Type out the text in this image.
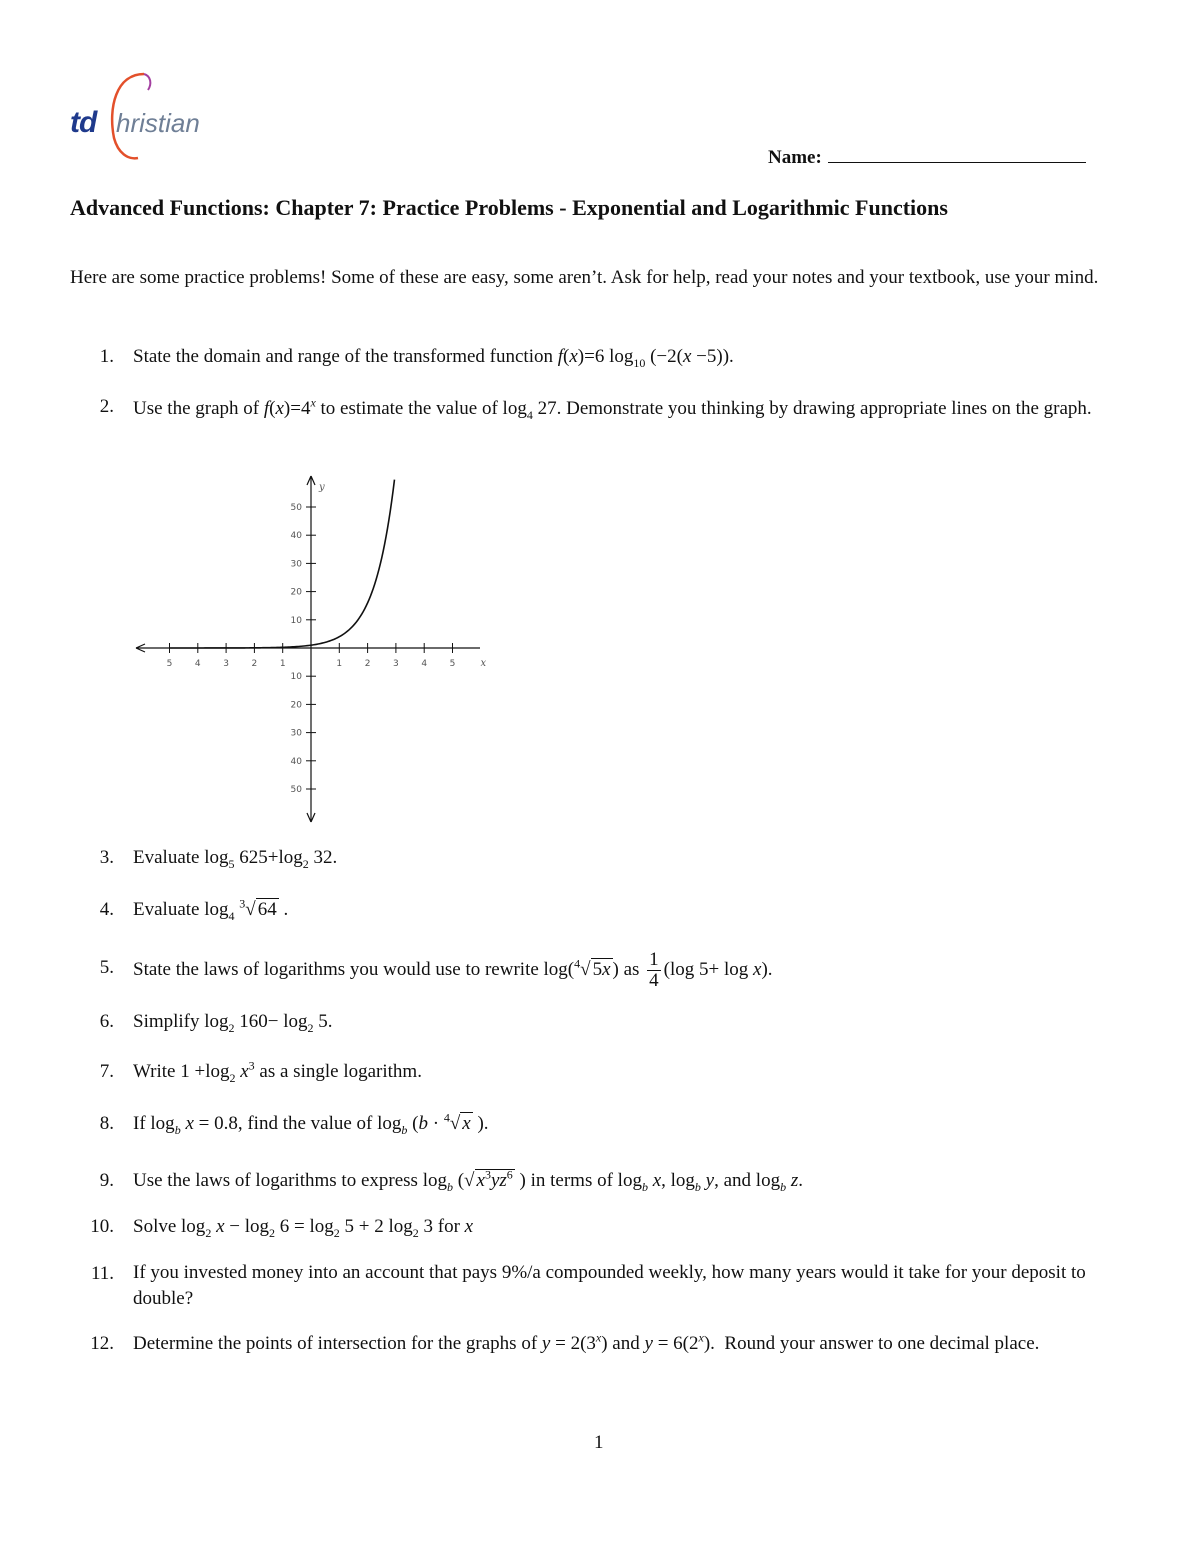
td hristian
Name:
Advanced Functions: Chapter 7: Practice Problems - Exponential and Logarithmic Functions

Here are some practice problems! Some of these are easy, some aren’t. Ask for help, read your notes and your textbook, use your mind.

1. State the domain and range of the transformed function f(x)=6 $\log_{10} (-2(x -5))$.
2. Use the graph of $f(x)=4^x$ to estimate the value of $\log_4 27$. Demonstrate you thinking by drawing appropriate lines on the graph.
5	4	3	2	1	1	2	3	4	5
50
40
30
20
10
10
20
30
40
50
x
y
3. Evaluate $\log_5 625+\log_2$ 32.
4. Evaluate $\log_4 ^3√$ 64 .
5. State the laws of logarithms you would use to rewrite log($^4$√ 5x ) as $\frac{1}{4} (\log$ 5+ log x).
6. Simplify $\log_2 160- \log_2 5$.
7. Write $1 +\log_2$ $x^3$ as a single logarithm.
8. If $\log_b x = 0.8$, find the value of $\log_b (b \cdot ^4√$ x ).
9. Use the laws of logarithms to express $\log_b$ (√ $x^3yz^6$ ) in terms of $\log_b x$, $\log_b y$, and $\log_b z$.
10. Solve $\log_2 x - \log_2 6 = \log_2 5 + 2$ $\log_2 3$ for x
11. If you invested money into an account that pays 9%/a compounded weekly, how many years would it take for your deposit to double?
12. Determine the points of intersection for the graphs of $y = 2(3^x)$ and $y = 6(2^x)$.  Round your answer to one decimal place.
1
